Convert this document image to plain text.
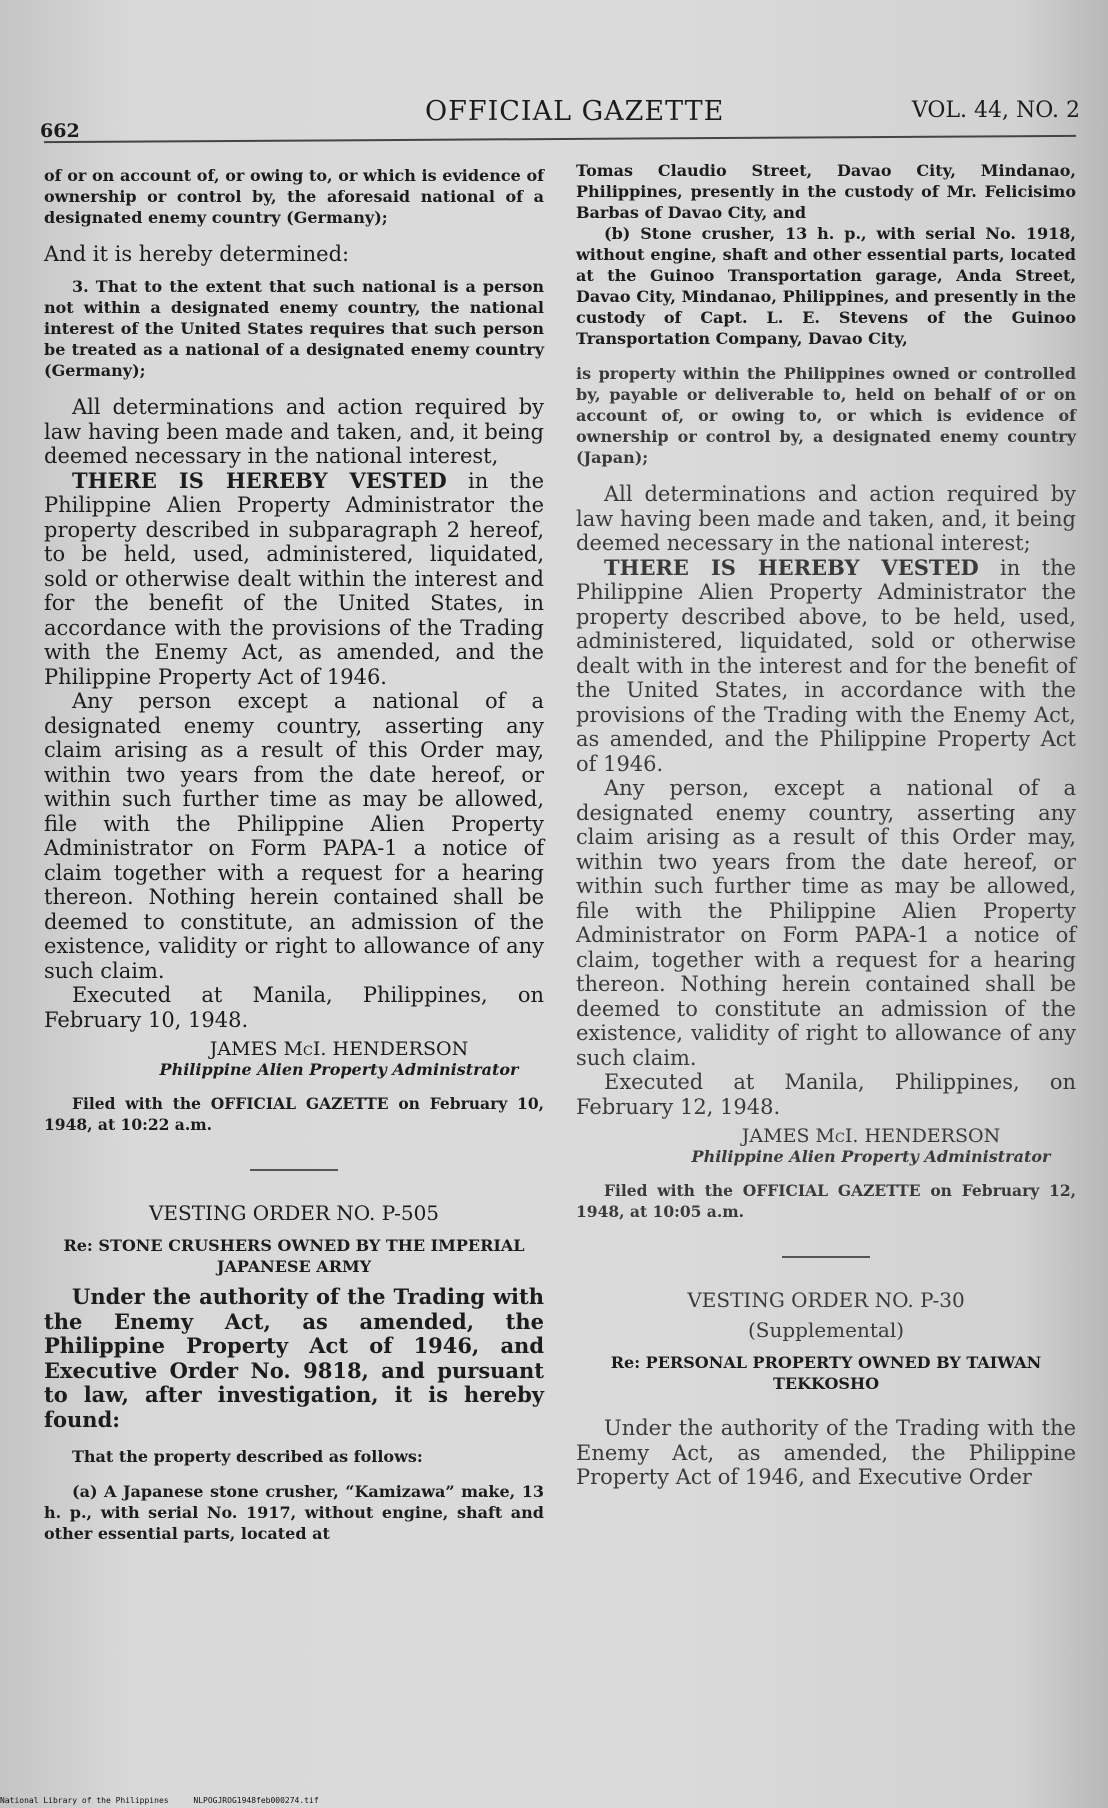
662
OFFICIAL GAZETTE	VOL. 44, NO. 2

of or on account of, or owing to, or which is evidence of ownership or control by, the aforesaid national of a designated enemy country (Germany);

And it is hereby determined:

3. That to the extent that such national is a person not within a designated enemy country, the national interest of the United States requires that such person be treated as a national of a designated enemy country (Germany);

All determinations and action required by law having been made and taken, and, it being deemed necessary in the national interest,

THERE IS HEREBY VESTED in the Philippine Alien Property Administrator the property described in subparagraph 2 hereof, to be held, used, administered, liquidated, sold or otherwise dealt within the interest and for the benefit of the United States, in accordance with the provisions of the Trading with the Enemy Act, as amended, and the Philippine Property Act of 1946.

Any person except a national of a designated enemy country, asserting any claim arising as a result of this Order may, within two years from the date hereof, or within such further time as may be allowed, file with the Philippine Alien Property Administrator on Form PAPA-1 a notice of claim together with a request for a hearing thereon. Nothing herein contained shall be deemed to constitute, an admission of the existence, validity or right to allowance of any such claim.

Executed at Manila, Philippines, on February 10, 1948.

JAMES McI. HENDERSON

Philippine Alien Property Administrator

Filed with the OFFICIAL GAZETTE on February 10, 1948, at 10:22 a.m.

VESTING ORDER NO. P-505

Re: STONE CRUSHERS OWNED BY THE IMPERIAL JAPANESE ARMY

Under the authority of the Trading with the Enemy Act, as amended, the Philippine Property Act of 1946, and Executive Order No. 9818, and pursuant to law, after investigation, it is hereby found:

That the property described as follows:

(a) A Japanese stone crusher, “Kamizawa” make, 13 h. p., with serial No. 1917, without engine, shaft and other essential parts, located at

Tomas Claudio Street, Davao City, Mindanao, Philippines, presently in the custody of Mr. Felicisimo Barbas of Davao City, and

(b) Stone crusher, 13 h. p., with serial No. 1918, without engine, shaft and other essential parts, located at the Guinoo Transportation garage, Anda Street, Davao City, Mindanao, Philippines, and presently in the custody of Capt. L. E. Stevens of the Guinoo Transportation Company, Davao City,

is property within the Philippines owned or controlled by, payable or deliverable to, held on behalf of or on account of, or owing to, or which is evidence of ownership or control by, a designated enemy country (Japan);

All determinations and action required by law having been made and taken, and, it being deemed necessary in the national interest;

THERE IS HEREBY VESTED in the Philippine Alien Property Administrator the property described above, to be held, used, administered, liquidated, sold or otherwise dealt with in the interest and for the benefit of the United States, in accordance with the provisions of the Trading with the Enemy Act, as amended, and the Philippine Property Act of 1946.

Any person, except a national of a designated enemy country, asserting any claim arising as a result of this Order may, within two years from the date hereof, or within such further time as may be allowed, file with the Philippine Alien Property Administrator on Form PAPA-1 a notice of claim, together with a request for a hearing thereon. Nothing herein contained shall be deemed to constitute an admission of the existence, validity of right to allowance of any such claim.

Executed at Manila, Philippines, on February 12, 1948.

JAMES McI. HENDERSON

Philippine Alien Property Administrator

Filed with the OFFICIAL GAZETTE on February 12, 1948, at 10:05 a.m.

VESTING ORDER NO. P-30

(Supplemental)

Re: PERSONAL PROPERTY OWNED BY TAIWAN TEKKOSHO

Under the authority of the Trading with the Enemy Act, as amended, the Philippine Property Act of 1946, and Executive Order

National Library of the Philippines	NLPOGJROG1948feb000274.tif
